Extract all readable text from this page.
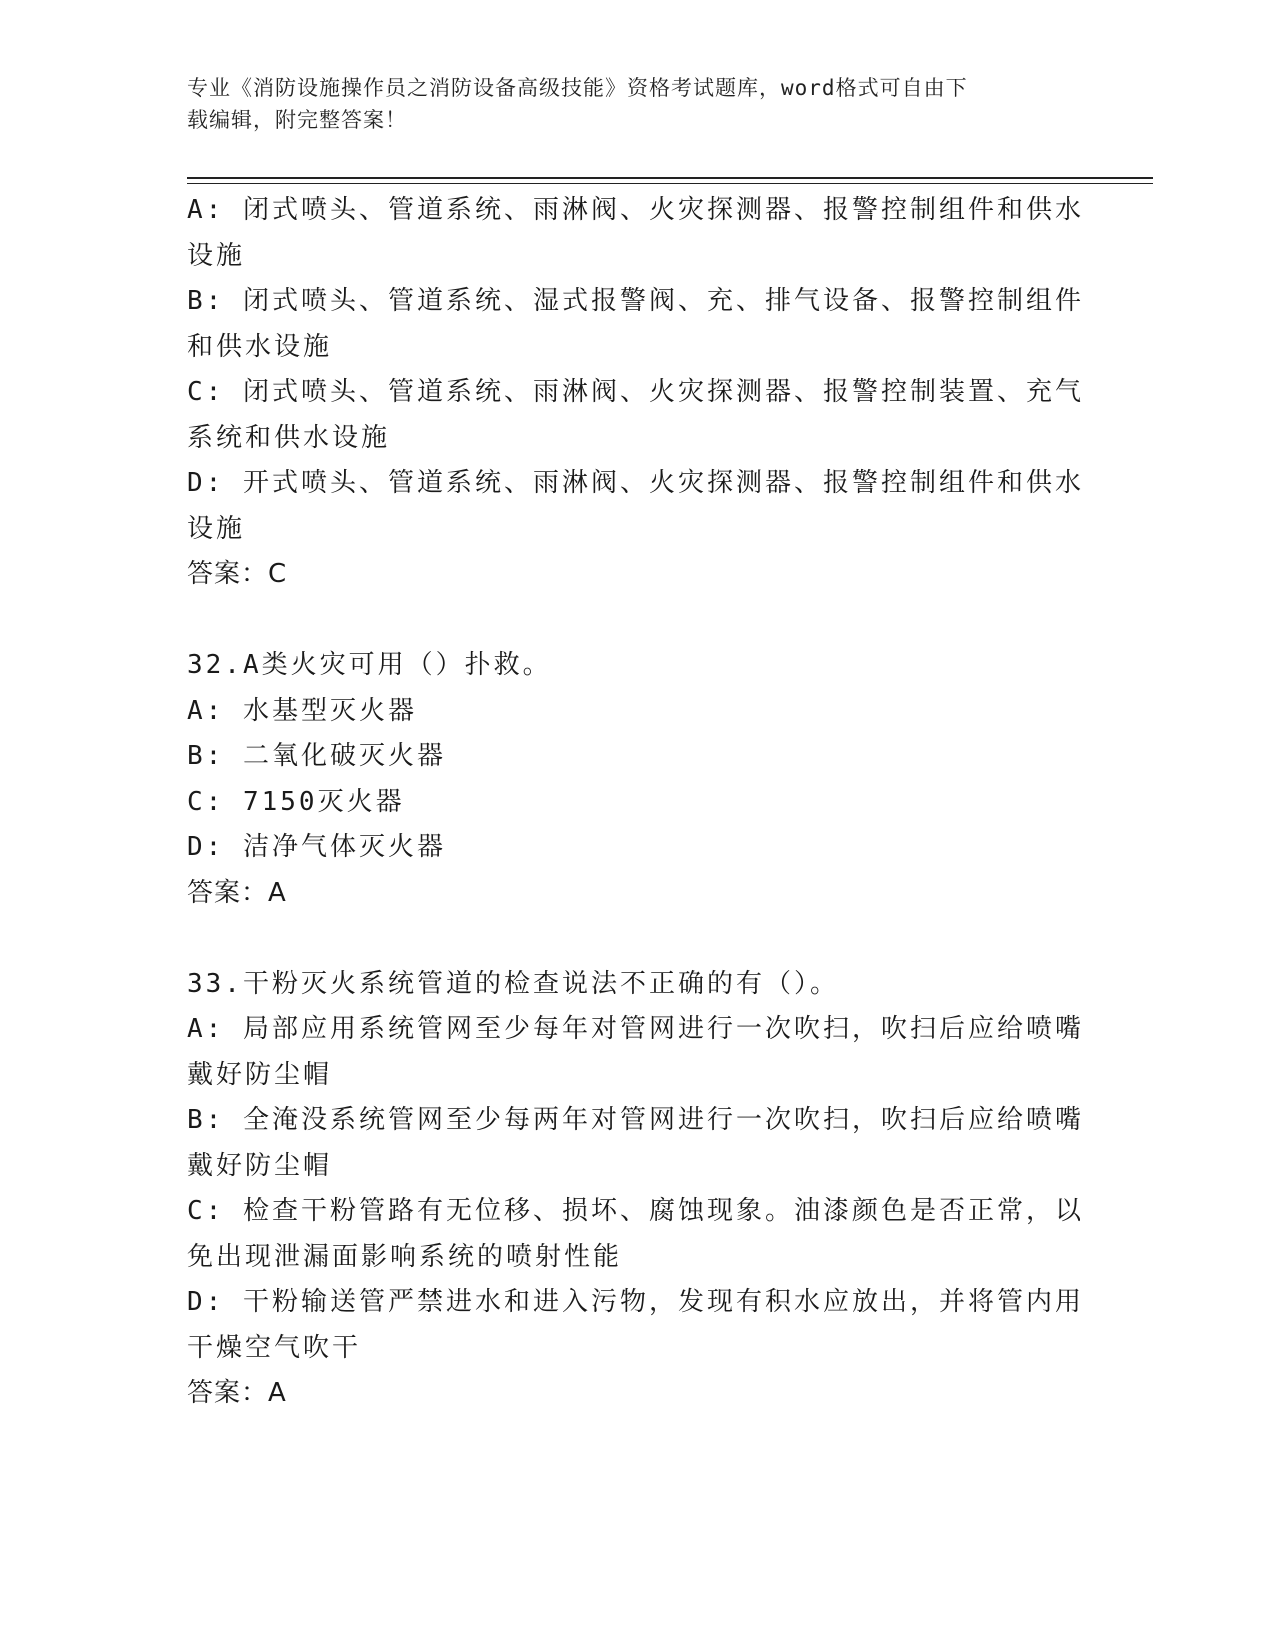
专业《消防设施操作员之消防设备高级技能》资格考试题库，word格式可自由下
载编辑，附完整答案！
A: 闭式喷头、管道系统、雨淋阀、火灾探测器、报警控制组件和供水
设施
B: 闭式喷头、管道系统、湿式报警阀、充、排气设备、报警控制组件
和供水设施
C: 闭式喷头、管道系统、雨淋阀、火灾探测器、报警控制装置、充气
系统和供水设施
D: 开式喷头、管道系统、雨淋阀、火灾探测器、报警控制组件和供水
设施
答案：C
32.A类火灾可用（）扑救。
A: 水基型灭火器
B: 二氧化破灭火器
C: 7150灭火器
D: 洁净气体灭火器
答案：A
33.干粉灭火系统管道的检查说法不正确的有（）。
A: 局部应用系统管网至少每年对管网进行一次吹扫，吹扫后应给喷嘴
戴好防尘帽
B: 全淹没系统管网至少每两年对管网进行一次吹扫，吹扫后应给喷嘴
戴好防尘帽
C: 检查干粉管路有无位移、损坏、腐蚀现象。油漆颜色是否正常，以
免出现泄漏面影响系统的喷射性能
D: 干粉输送管严禁进水和进入污物，发现有积水应放出，并将管内用
干燥空气吹干
答案：A
